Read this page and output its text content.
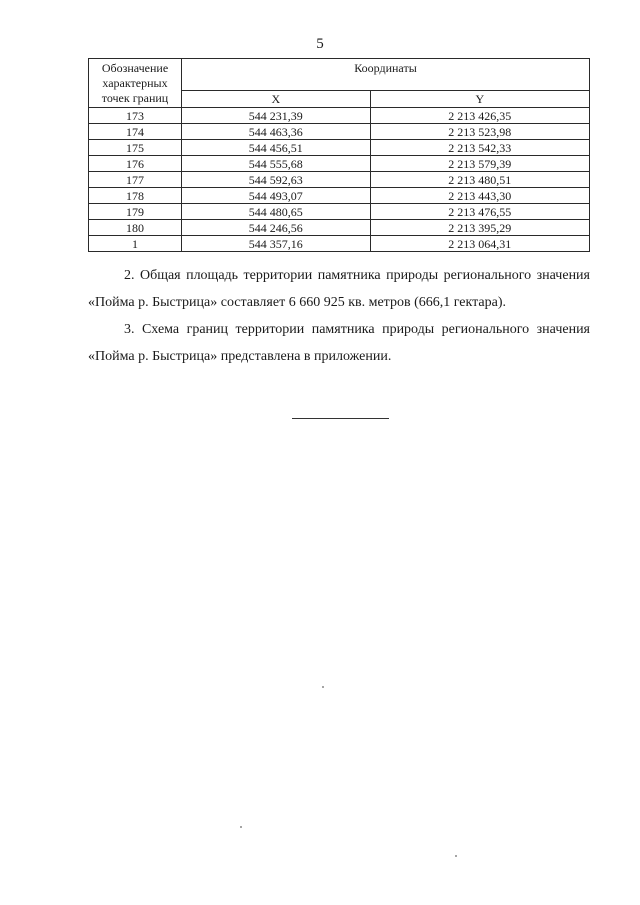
5
Обозначение характерных точек границ	Координаты	
	X	Y
173	544 231,39	2 213 426,35
174	544 463,36	2 213 523,98
175	544 456,51	2 213 542,33
176	544 555,68	2 213 579,39
177	544 592,63	2 213 480,51
178	544 493,07	2 213 443,30
179	544 480,65	2 213 476,55
180	544 246,56	2 213 395,29
1	544 357,16	2 213 064,31

2. Общая площадь территории памятника природы регионального значения «Пойма р. Быстрица» составляет 6 660 925 кв. метров (666,1 гектара).

3. Схема границ территории памятника природы регионального значения «Пойма р. Быстрица» представлена в приложении.
